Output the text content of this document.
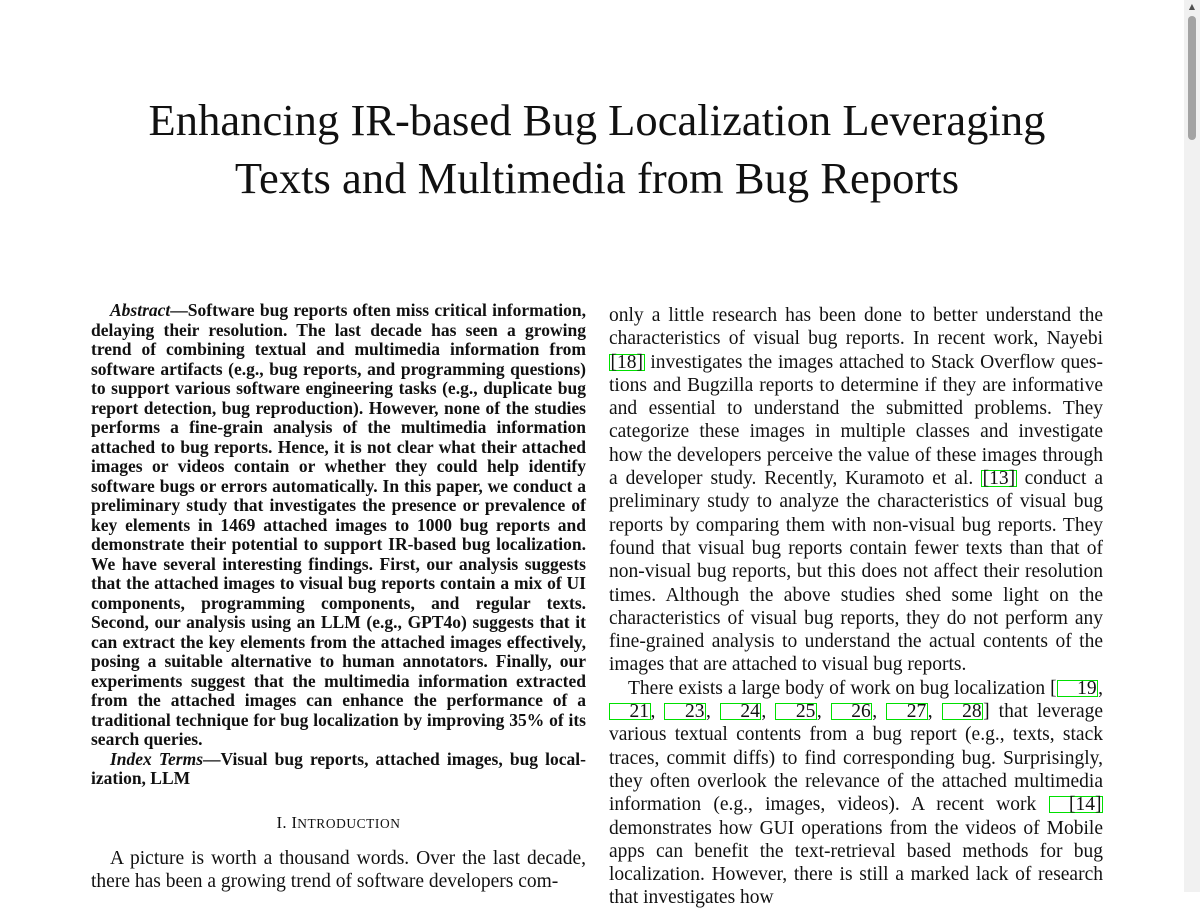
Enhancing IR-based Bug Localization Leveraging
Texts and Multimedia from Bug Reports

Abstract—Software bug reports often miss critical information, delaying their resolution. The last decade has seen a growing trend of combining textual and multimedia information from software artifacts (e.g., bug reports, and programming questions) to support various software engineering tasks (e.g., duplicate bug report detection, bug reproduction). However, none of the studies performs a fine-grain analysis of the multimedia information attached to bug reports. Hence, it is not clear what their attached images or videos contain or whether they could help identify software bugs or errors automatically. In this paper, we conduct a preliminary study that investigates the presence or prevalence of key elements in 1469 attached images to 1000 bug reports and demonstrate their potential to support IR-based bug localization. We have several interesting findings. First, our analysis suggests that the attached images to visual bug reports contain a mix of UI components, programming components, and regular texts. Second, our analysis using an LLM (e.g., GPT4o) suggests that it can extract the key elements from the attached images effectively, posing a suitable alternative to human annotators. Finally, our experiments suggest that the multimedia information extracted from the attached images can enhance the performance of a traditional technique for bug localization by improving 35% of its search queries.

Index Terms—Visual bug reports, attached images, bug localization, LLM

I. INTRODUCTION

A picture is worth a thousand words. Over the last decade, there has been a growing trend of software developers com-

only a little research has been done to better understand the characteristics of visual bug reports. In recent work, Nayebi [18] investigates the images attached to Stack Overflow questions and Bugzilla reports to determine if they are informative and essential to understand the submitted problems. They categorize these images in multiple classes and investigate how the developers perceive the value of these images through a developer study. Recently, Kuramoto et al. [13] conduct a preliminary study to analyze the characteristics of visual bug reports by comparing them with non-visual bug reports. They found that visual bug reports contain fewer texts than that of non-visual bug reports, but this does not affect their resolution times. Although the above studies shed some light on the characteristics of visual bug reports, they do not perform any fine-grained analysis to understand the actual contents of the images that are attached to visual bug reports.

There exists a large body of work on bug localization [ 19, 21, 23, 24, 25, 26, 27, 28] that leverage various textual contents from a bug report (e.g., texts, stack traces, commit diffs) to find corresponding bug. Surprisingly, they often overlook the relevance of the attached multimedia information (e.g., images, videos). A recent work [14] demonstrates how GUI operations from the videos of Mobile apps can benefit the text-retrieval based methods for bug localization. However, there is still a marked lack of research that investigates how

▲
